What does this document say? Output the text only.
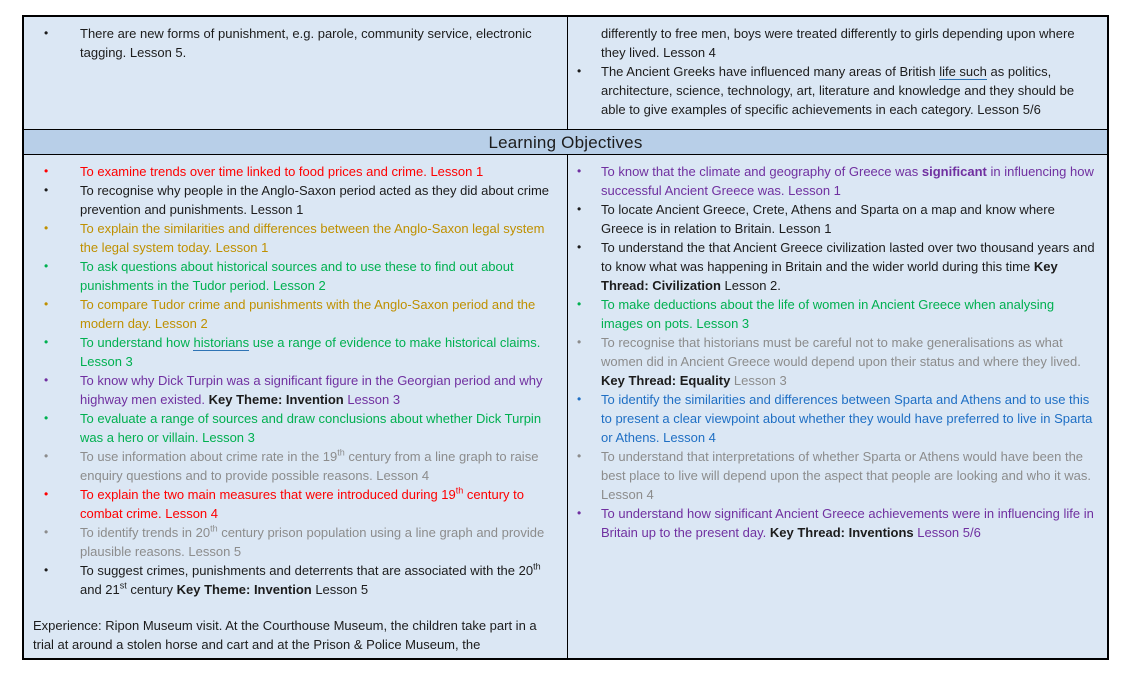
•	There are new forms of punishment, e.g. parole, community service, electronic tagging. Lesson 5.
differently to free men, boys were treated differently to girls depending upon where they lived. Lesson 4
•	The Ancient Greeks have influenced many areas of British life such as politics, architecture, science, technology, art, literature and knowledge and they should be able to give examples of specific achievements in each category. Lesson 5/6
Learning Objectives
•	To examine trends over time linked to food prices and crime. Lesson 1
•	To recognise why people in the Anglo-Saxon period acted as they did about crime prevention and punishments. Lesson 1
•	To explain the similarities and differences between the Anglo-Saxon legal system the legal system today. Lesson 1
•	To ask questions about historical sources and to use these to find out about punishments in the Tudor period. Lesson 2
•	To compare Tudor crime and punishments with the Anglo-Saxon period and the modern day. Lesson 2
•	To understand how historians use a range of evidence to make historical claims. Lesson 3
•	To know why Dick Turpin was a significant figure in the Georgian period and why highway men existed. Key Theme: Invention Lesson 3
•	To evaluate a range of sources and draw conclusions about whether Dick Turpin was a hero or villain. Lesson 3
•	To use information about crime rate in the 19th century from a line graph to raise enquiry questions and to provide possible reasons. Lesson 4
•	To explain the two main measures that were introduced during 19th century to combat crime. Lesson 4
•	To identify trends in 20th century prison population using a line graph and provide plausible reasons. Lesson 5
•	To suggest crimes, punishments and deterrents that are associated with the 20th and 21st century Key Theme: Invention Lesson 5
Experience: Ripon Museum visit. At the Courthouse Museum, the children take part in a trial at around a stolen horse and cart and at the Prison & Police Museum, the
•	To know that the climate and geography of Greece was significant in influencing how successful Ancient Greece was. Lesson 1
•	To locate Ancient Greece, Crete, Athens and Sparta on a map and know where Greece is in relation to Britain. Lesson 1
•	To understand the that Ancient Greece civilization lasted over two thousand years and to know what was happening in Britain and the wider world during this time Key Thread: Civilization Lesson 2.
•	To make deductions about the life of women in Ancient Greece when analysing images on pots. Lesson 3
•	To recognise that historians must be careful not to make generalisations as what women did in Ancient Greece would depend upon their status and where they lived. Key Thread: Equality Lesson 3
•	To identify the similarities and differences between Sparta and Athens and to use this to present a clear viewpoint about whether they would have preferred to live in Sparta or Athens. Lesson 4
•	To understand that interpretations of whether Sparta or Athens would have been the best place to live will depend upon the aspect that people are looking and who it was. Lesson 4
•	To understand how significant Ancient Greece achievements were in influencing life in Britain up to the present day. Key Thread: Inventions Lesson 5/6
